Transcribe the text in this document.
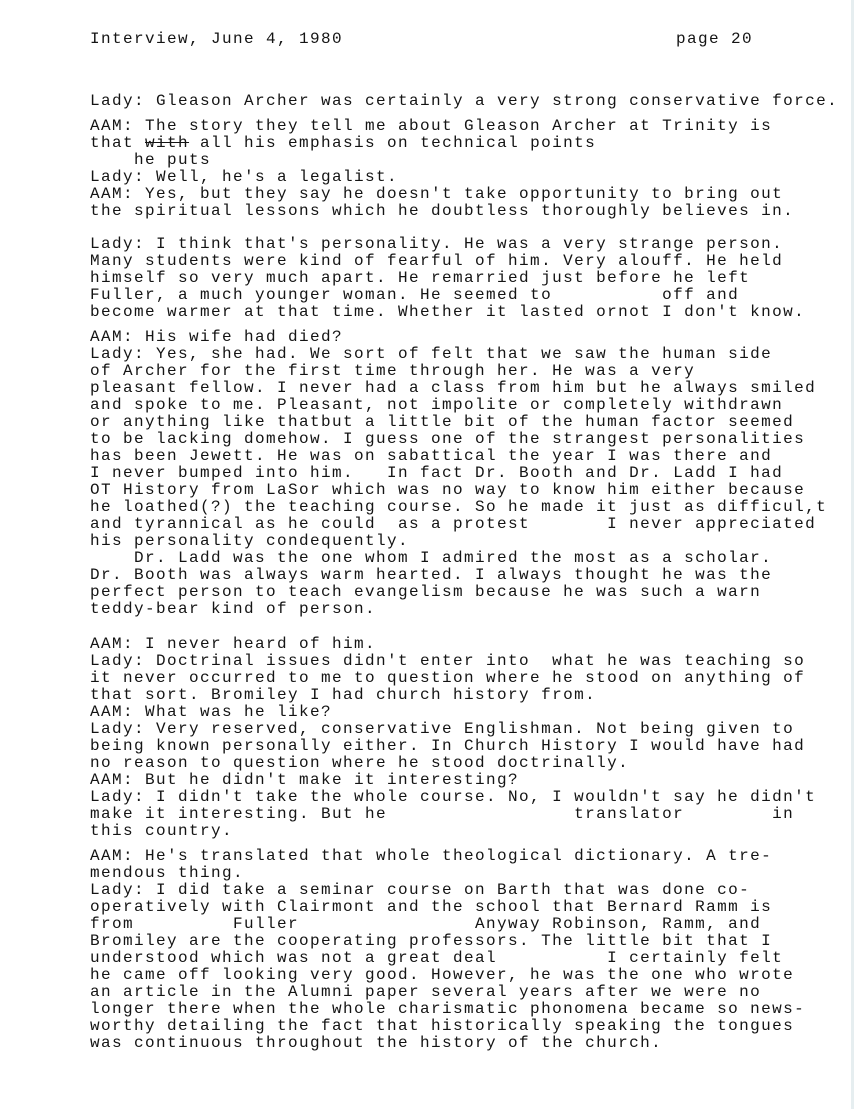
Interview, June 4, 1980	page 20
Lady: Gleason Archer was certainly a very strong conservative force.
AAM: The story they tell me about Gleason Archer at Trinity is
that with all his emphasis on technical points
he puts
Lady: Well, he's a legalist.
AAM: Yes, but they say he doesn't take opportunity to bring out
the spiritual lessons which he doubtless thoroughly believes in.
Lady: I think that's personality. He was a very strange person.
Many students were kind of fearful of him. Very alouff. He held
himself so very much apart. He remarried just before he left
Fuller, a much younger woman. He seemed to          off and
become warmer at that time. Whether it lasted ornot I don't know.
AAM: His wife had died?
Lady: Yes, she had. We sort of felt that we saw the human side
of Archer for the first time through her. He was a very
pleasant fellow. I never had a class from him but he always smiled
and spoke to me. Pleasant, not impolite or completely withdrawn
or anything like thatbut a little bit of the human factor seemed
to be lacking domehow. I guess one of the strangest personalities
has been Jewett. He was on sabattical the year I was there and
I never bumped into him.   In fact Dr. Booth and Dr. Ladd I had
OT History from LaSor which was no way to know him either because
he loathed(?) the teaching course. So he made it just as difficul,t
and tyrannical as he could  as a protest       I never appreciated
his personality condequently.
Dr. Ladd was the one whom I admired the most as a scholar.
Dr. Booth was always warm hearted. I always thought he was the
perfect person to teach evangelism because he was such a warn
teddy-bear kind of person.
AAM: I never heard of him.
Lady: Doctrinal issues didn't enter into  what he was teaching so
it never occurred to me to question where he stood on anything of
that sort. Bromiley I had church history from.
AAM: What was he like?
Lady: Very reserved, conservative Englishman. Not being given to
being known personally either. In Church History I would have had
no reason to question where he stood doctrinally.
AAM: But he didn't make it interesting?
Lady: I didn't take the whole course. No, I wouldn't say he didn't
make it interesting. But he                 translator        in
this country.
AAM: He's translated that whole theological dictionary. A tre-
mendous thing.
Lady: I did take a seminar course on Barth that was done co-
operatively with Clairmont and the school that Bernard Ramm is
from         Fuller                Anyway Robinson, Ramm, and
Bromiley are the cooperating professors. The little bit that I
understood which was not a great deal          I certainly felt
he came off looking very good. However, he was the one who wrote
an article in the Alumni paper several years after we were no
longer there when the whole charismatic phonomena became so news-
worthy detailing the fact that historically speaking the tongues
was continuous throughout the history of the church.
